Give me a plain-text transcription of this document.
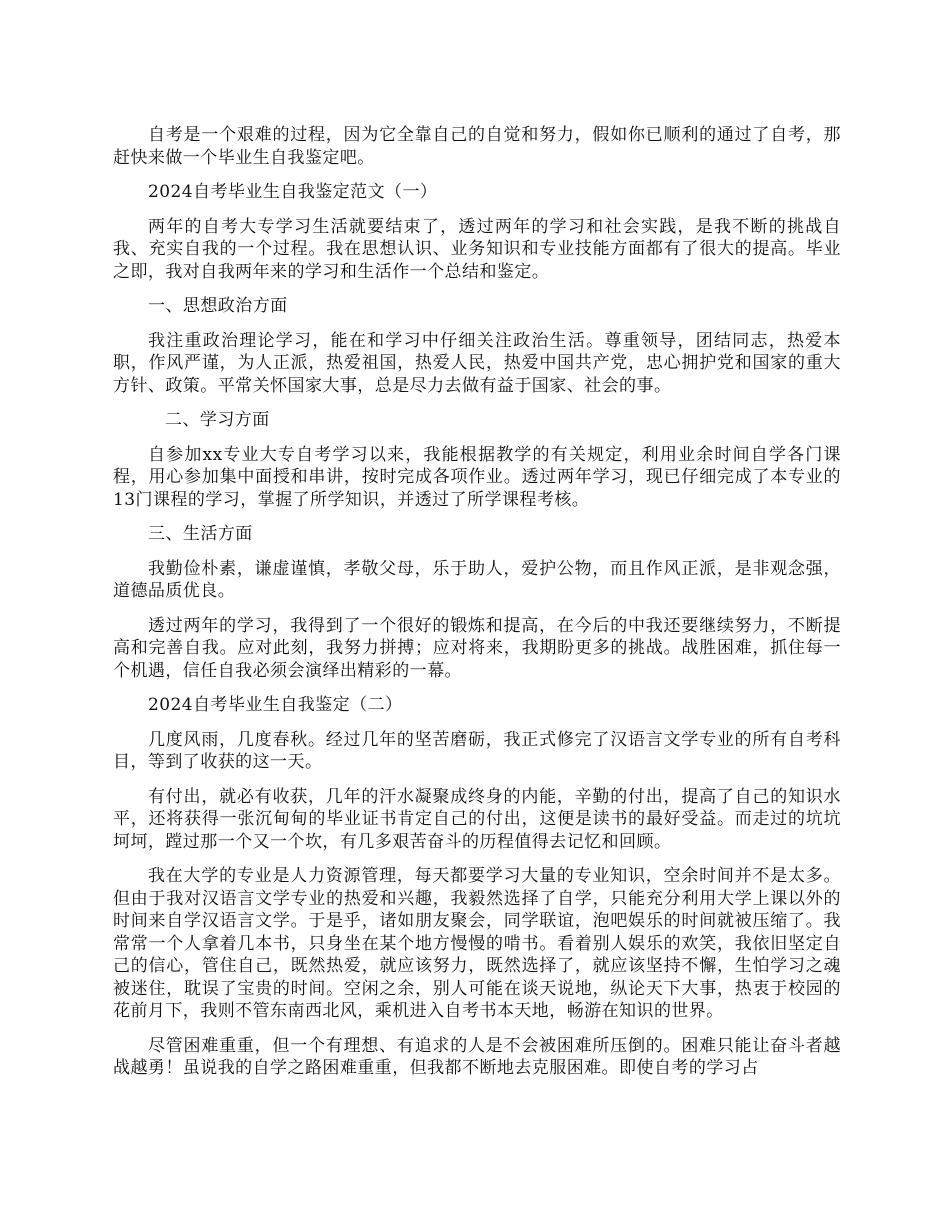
自考是一个艰难的过程，因为它全靠自己的自觉和努力，假如你已顺利的通过了自考，那赶快来做一个毕业生自我鉴定吧。

2024自考毕业生自我鉴定范文（一）

两年的自考大专学习生活就要结束了，透过两年的学习和社会实践，是我不断的挑战自我、充实自我的一个过程。我在思想认识、业务知识和专业技能方面都有了很大的提高。毕业之即，我对自我两年来的学习和生活作一个总结和鉴定。

一、思想政治方面

我注重政治理论学习，能在和学习中仔细关注政治生活。尊重领导，团结同志，热爱本职，作风严谨，为人正派，热爱祖国，热爱人民，热爱中国共产党，忠心拥护党和国家的重大方针、政策。平常关怀国家大事，总是尽力去做有益于国家、社会的事。

二、学习方面

自参加xx专业大专自考学习以来，我能根据教学的有关规定，利用业余时间自学各门课程，用心参加集中面授和串讲，按时完成各项作业。透过两年学习，现已仔细完成了本专业的13门课程的学习，掌握了所学知识，并透过了所学课程考核。

三、生活方面

我勤俭朴素，谦虚谨慎，孝敬父母，乐于助人，爱护公物，而且作风正派，是非观念强，道德品质优良。

透过两年的学习，我得到了一个很好的锻炼和提高，在今后的中我还要继续努力，不断提高和完善自我。应对此刻，我努力拼搏；应对将来，我期盼更多的挑战。战胜困难，抓住每一个机遇，信任自我必须会演绎出精彩的一幕。

2024自考毕业生自我鉴定（二）

几度风雨，几度春秋。经过几年的坚苦磨砺，我正式修完了汉语言文学专业的所有自考科目，等到了收获的这一天。

有付出，就必有收获，几年的汗水凝聚成终身的内能，辛勤的付出，提高了自己的知识水平，还将获得一张沉甸甸的毕业证书肯定自己的付出，这便是读书的最好受益。而走过的坑坑坷坷，蹚过那一个又一个坎，有几多艰苦奋斗的历程值得去记忆和回顾。

我在大学的专业是人力资源管理，每天都要学习大量的专业知识，空余时间并不是太多。但由于我对汉语言文学专业的热爱和兴趣，我毅然选择了自学，只能充分利用大学上课以外的时间来自学汉语言文学。于是乎，诸如朋友聚会，同学联谊，泡吧娱乐的时间就被压缩了。我常常一个人拿着几本书，只身坐在某个地方慢慢的啃书。看着别人娱乐的欢笑，我依旧坚定自己的信心，管住自己，既然热爱，就应该努力，既然选择了，就应该坚持不懈，生怕学习之魂被迷住，耽误了宝贵的时间。空闲之余，别人可能在谈天说地，纵论天下大事，热衷于校园的花前月下，我则不管东南西北风，乘机进入自考书本天地，畅游在知识的世界。

尽管困难重重，但一个有理想、有追求的人是不会被困难所压倒的。困难只能让奋斗者越战越勇！虽说我的自学之路困难重重，但我都不断地去克服困难。即使自考的学习占
